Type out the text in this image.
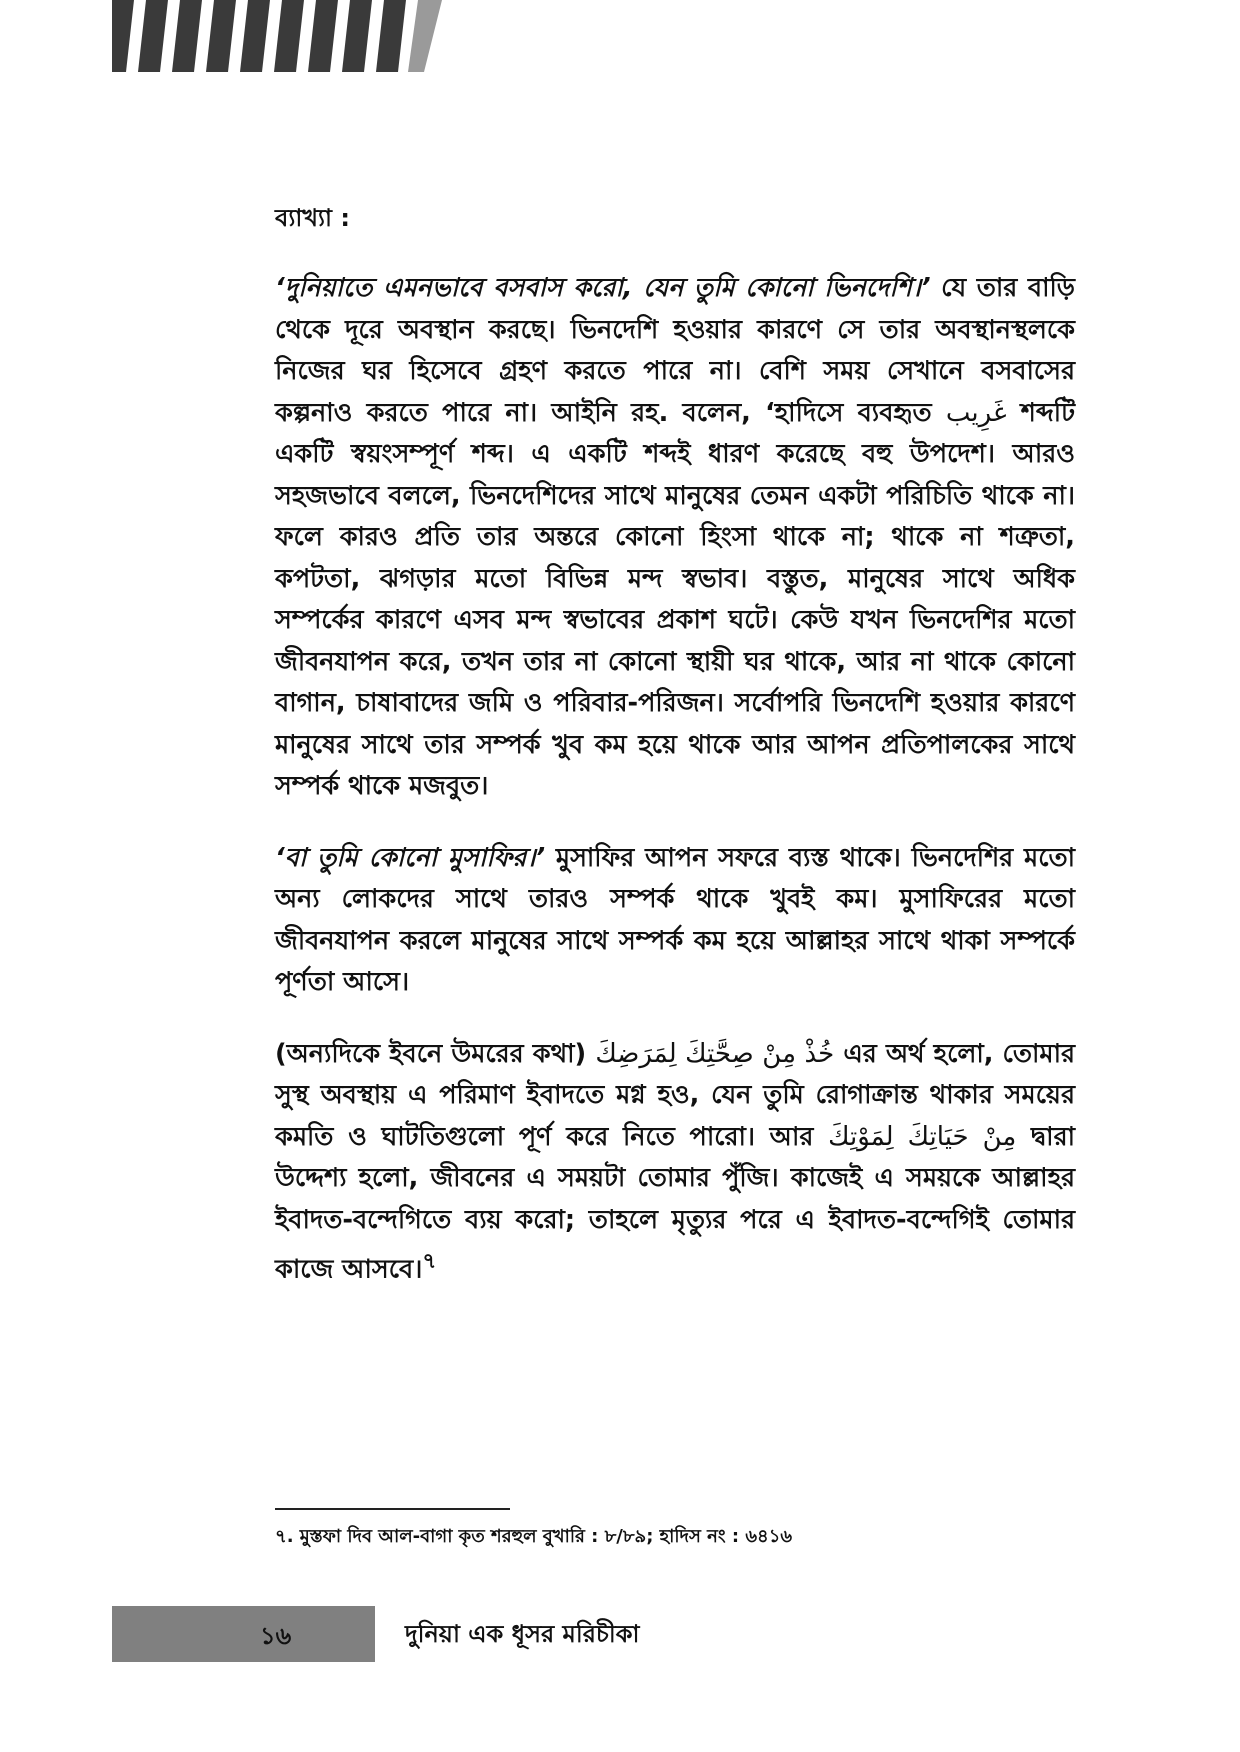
ব্যাখ্যা :

‘দুনিয়াতে এমনভাবে বসবাস করো, যেন তুমি কোনো ভিনদেশি।’ যে তার বাড়ি থেকে দূরে অবস্থান করছে। ভিনদেশি হওয়ার কারণে সে তার অবস্থানস্থলকে নিজের ঘর হিসেবে গ্রহণ করতে পারে না। বেশি সময় সেখানে বসবাসের কল্পনাও করতে পারে না। আইনি রহ. বলেন, ‘হাদিসে ব্যবহৃত غَرِيب শব্দটি একটি স্বয়ংসম্পূর্ণ শব্দ। এ একটি শব্দই ধারণ করেছে বহু উপদেশ। আরও সহজভাবে বললে, ভিনদেশিদের সাথে মানুষের তেমন একটা পরিচিতি থাকে না। ফলে কারও প্রতি তার অন্তরে কোনো হিংসা থাকে না; থাকে না শত্রুতা, কপটতা, ঝগড়ার মতো বিভিন্ন মন্দ স্বভাব। বস্তুত, মানুষের সাথে অধিক সম্পর্কের কারণে এসব মন্দ স্বভাবের প্রকাশ ঘটে। কেউ যখন ভিনদেশির মতো জীবনযাপন করে, তখন তার না কোনো স্থায়ী ঘর থাকে, আর না থাকে কোনো বাগান, চাষাবাদের জমি ও পরিবার-পরিজন। সর্বোপরি ভিনদেশি হওয়ার কারণে মানুষের সাথে তার সম্পর্ক খুব কম হয়ে থাকে আর আপন প্রতিপালকের সাথে সম্পর্ক থাকে মজবুত।

‘বা তুমি কোনো মুসাফির।’ মুসাফির আপন সফরে ব্যস্ত থাকে। ভিনদেশির মতো অন্য লোকদের সাথে তারও সম্পর্ক থাকে খুবই কম। মুসাফিরের মতো জীবনযাপন করলে মানুষের সাথে সম্পর্ক কম হয়ে আল্লাহর সাথে থাকা সম্পর্কে পূর্ণতা আসে।

(অন্যদিকে ইবনে উমরের কথা) خُذْ مِنْ صِحَّتِكَ لِمَرَضِكَ এর অর্থ হলো, তোমার সুস্থ অবস্থায় এ পরিমাণ ইবাদতে মগ্ন হও, যেন তুমি রোগাক্রান্ত থাকার সময়ের কমতি ও ঘাটতিগুলো পূর্ণ করে নিতে পারো। আর مِنْ حَيَاتِكَ لِمَوْتِكَ দ্বারা উদ্দেশ্য হলো, জীবনের এ সময়টা তোমার পুঁজি। কাজেই এ সময়কে আল্লাহর ইবাদত-বন্দেগিতে ব্যয় করো; তাহলে মৃত্যুর পরে এ ইবাদত-বন্দেগিই তোমার কাজে আসবে।$^৭$

৭. মুস্তফা দিব আল-বাগা কৃত শরহুল বুখারি : ৮/৮৯; হাদিস নং : ৬৪১৬
১৬	দুনিয়া এক ধূসর মরিচীকা
